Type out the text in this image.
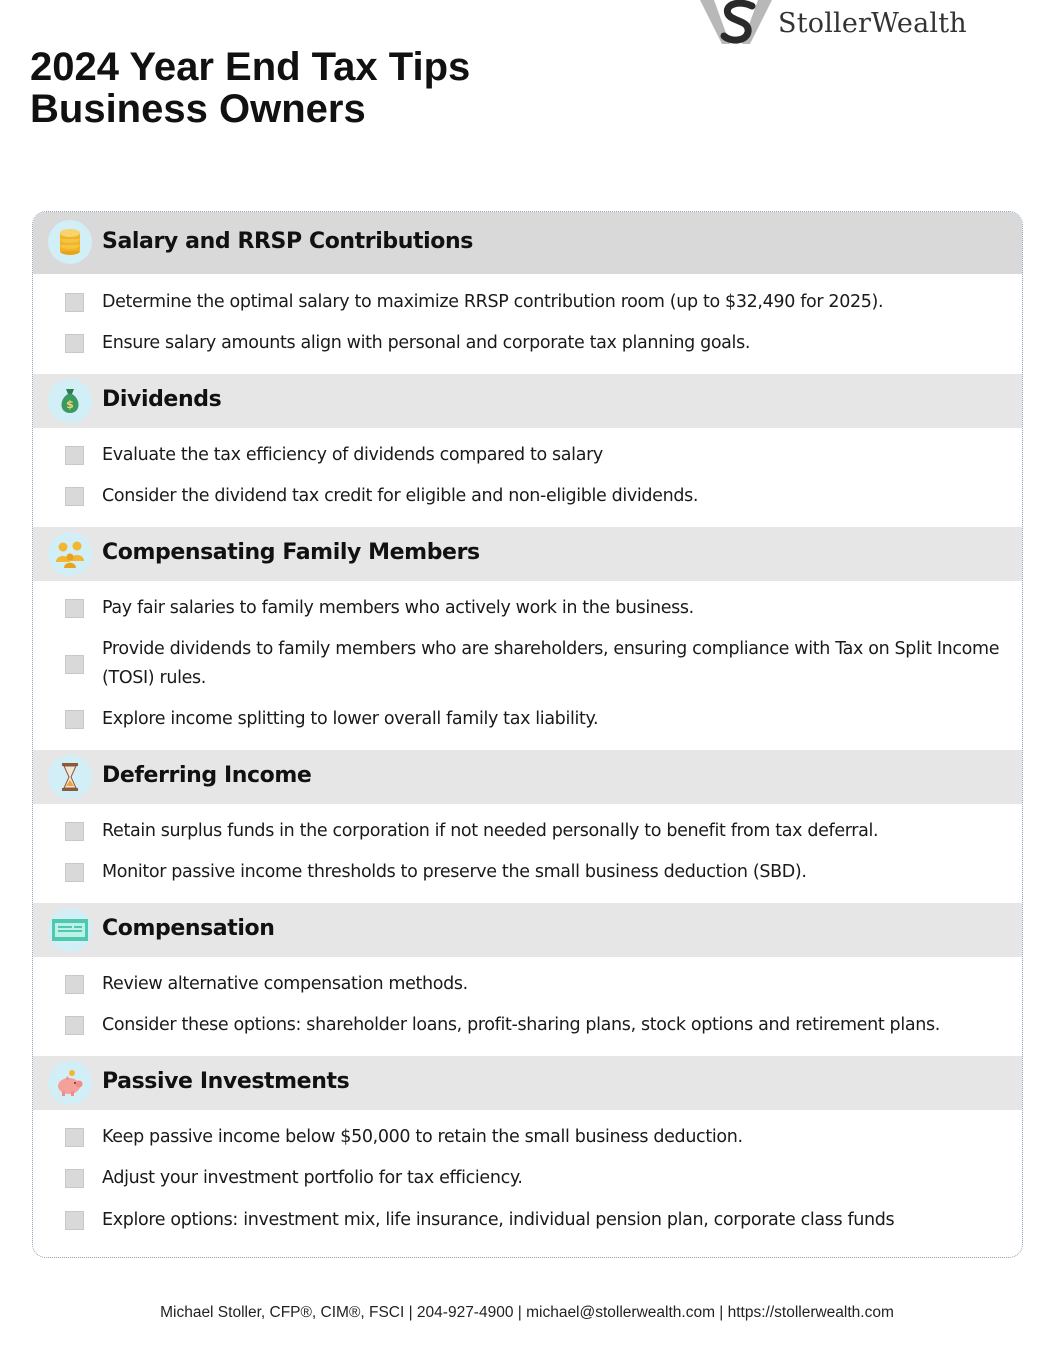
StollerWealth
2024 Year End Tax Tips
Business Owners
Salary and RRSP Contributions
Determine the optimal salary to maximize RRSP contribution room (up to $32,490 for 2025).
Ensure salary amounts align with personal and corporate tax planning goals.
$ Dividends
Evaluate the tax efficiency of dividends compared to salary
Consider the dividend tax credit for eligible and non-eligible dividends.
Compensating Family Members
Pay fair salaries to family members who actively work in the business.
Provide dividends to family members who are shareholders, ensuring compliance with Tax on Split Income (TOSI) rules.
Explore income splitting to lower overall family tax liability.
Deferring Income
Retain surplus funds in the corporation if not needed personally to benefit from tax deferral.
Monitor passive income thresholds to preserve the small business deduction (SBD).
Compensation
Review alternative compensation methods.
Consider these options: shareholder loans, profit-sharing plans, stock options and retirement plans.
Passive Investments
Keep passive income below $50,000 to retain the small business deduction.
Adjust your investment portfolio for tax efficiency.
Explore options: investment mix, life insurance, individual pension plan, corporate class funds
Michael Stoller, CFP®, CIM®, FSCI | 204-927-4900 | michael@stollerwealth.com | https://stollerwealth.com
